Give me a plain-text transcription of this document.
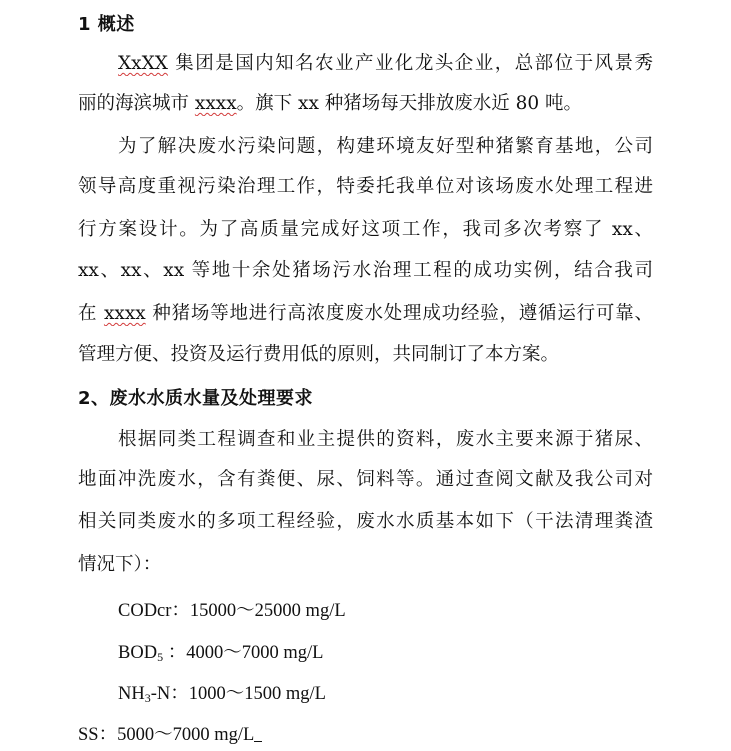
1 概述
XxXX 集团是国内知名农业产业化龙头企业，总部位于风景秀
丽的海滨城市 xxxx。旗下 xx 种猪场每天排放废水近 80 吨。
为了解决废水污染问题，构建环境友好型种猪繁育基地，公司
领导高度重视污染治理工作，特委托我单位对该场废水处理工程进
行方案设计。为了高质量完成好这项工作，我司多次考察了 xx、
xx、xx、xx 等地十余处猪场污水治理工程的成功实例，结合我司
在 xxxx 种猪场等地进行高浓度废水处理成功经验，遵循运行可靠、
管理方便、投资及运行费用低的原则，共同制订了本方案。
2、废水水质水量及处理要求
根据同类工程调查和业主提供的资料，废水主要来源于猪尿、
地面冲洗废水，含有粪便、尿、饲料等。通过查阅文献及我公司对
相关同类废水的多项工程经验，废水水质基本如下（干法清理粪渣
情况下）：
CODcr：15000～25000 mg/L
$BOD_5$ ：4000～7000 mg/L
$NH_3-N$：1000～1500 mg/L
SS：5000～7000 mg/L
